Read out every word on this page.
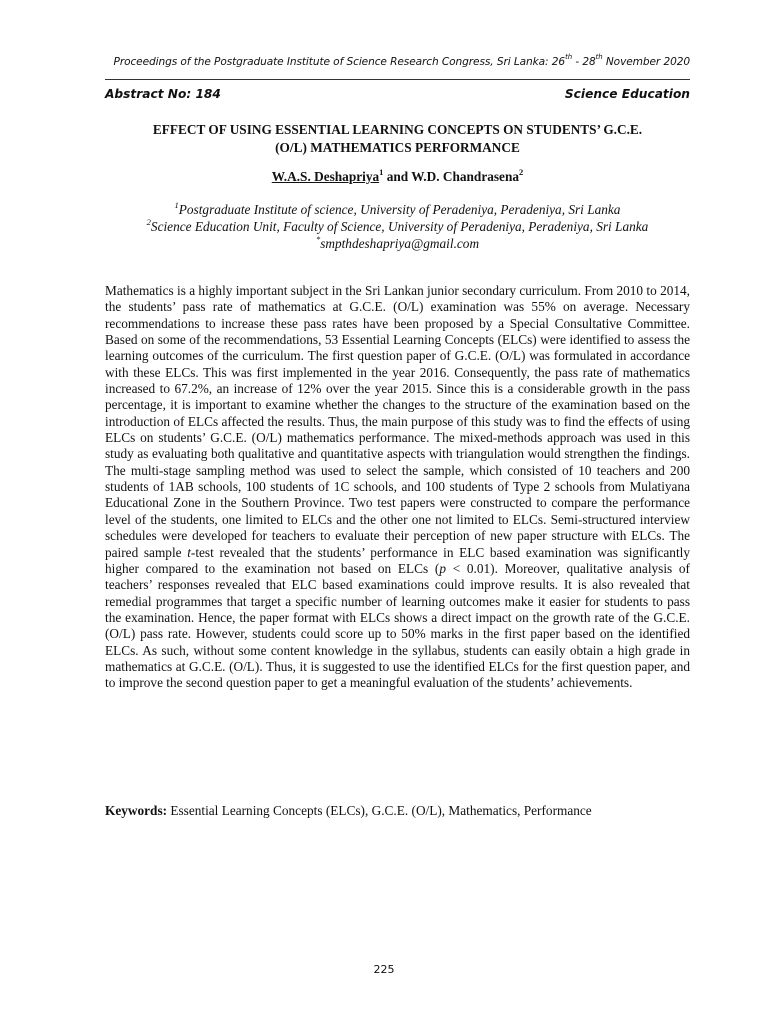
Proceedings of the Postgraduate Institute of Science Research Congress, Sri Lanka: 26th - 28th November 2020
Abstract No: 184	Science Education
EFFECT OF USING ESSENTIAL LEARNING CONCEPTS ON STUDENTS’ G.C.E.
(O/L) MATHEMATICS PERFORMANCE
W.A.S. Deshapriya$^1$ and W.D. Chandrasena$^2$
$^1$Postgraduate Institute of science, University of Peradeniya, Peradeniya, Sri Lanka
$^2$Science Education Unit, Faculty of Science, University of Peradeniya, Peradeniya, Sri Lanka
*smpthdeshapriya@gmail.com
Mathematics is a highly important subject in the Sri Lankan junior secondary curriculum. From 2010 to 2014, the students’ pass rate of mathematics at G.C.E. (O/L) examination was 55% on average. Necessary recommendations to increase these pass rates have been proposed by a Special Consultative Committee. Based on some of the recommendations, 53 Essential Learning Concepts (ELCs) were identified to assess the learning outcomes of the curriculum. The first question paper of G.C.E. (O/L) was formulated in accordance with these ELCs. This was first implemented in the year 2016. Consequently, the pass rate of mathematics increased to 67.2%, an increase of 12% over the year 2015. Since this is a considerable growth in the pass percentage, it is important to examine whether the changes to the structure of the examination based on the introduction of ELCs affected the results. Thus, the main purpose of this study was to find the effects of using ELCs on students’ G.C.E. (O/L) mathematics performance. The mixed-methods approach was used in this study as evaluating both qualitative and quantitative aspects with triangulation would strengthen the findings. The multi-stage sampling method was used to select the sample, which consisted of 10 teachers and 200 students of 1AB schools, 100 students of 1C schools, and 100 students of Type 2 schools from Mulatiyana Educational Zone in the Southern Province. Two test papers were constructed to compare the performance level of the students, one limited to ELCs and the other one not limited to ELCs. Semi-structured interview schedules were developed for teachers to evaluate their perception of new paper structure with ELCs. The paired sample t-test revealed that the students’ performance in ELC based examination was significantly higher compared to the examination not based on ELCs (p < 0.01). Moreover, qualitative analysis of teachers’ responses revealed that ELC based examinations could improve results. It is also revealed that remedial programmes that target a specific number of learning outcomes make it easier for students to pass the examination. Hence, the paper format with ELCs shows a direct impact on the growth rate of the G.C.E. (O/L) pass rate. However, students could score up to 50% marks in the first paper based on the identified ELCs. As such, without some content knowledge in the syllabus, students can easily obtain a high grade in mathematics at G.C.E. (O/L). Thus, it is suggested to use the identified ELCs for the first question paper, and to improve the second question paper to get a meaningful evaluation of the students’ achievements.
Keywords: Essential Learning Concepts (ELCs), G.C.E. (O/L), Mathematics, Performance
225
